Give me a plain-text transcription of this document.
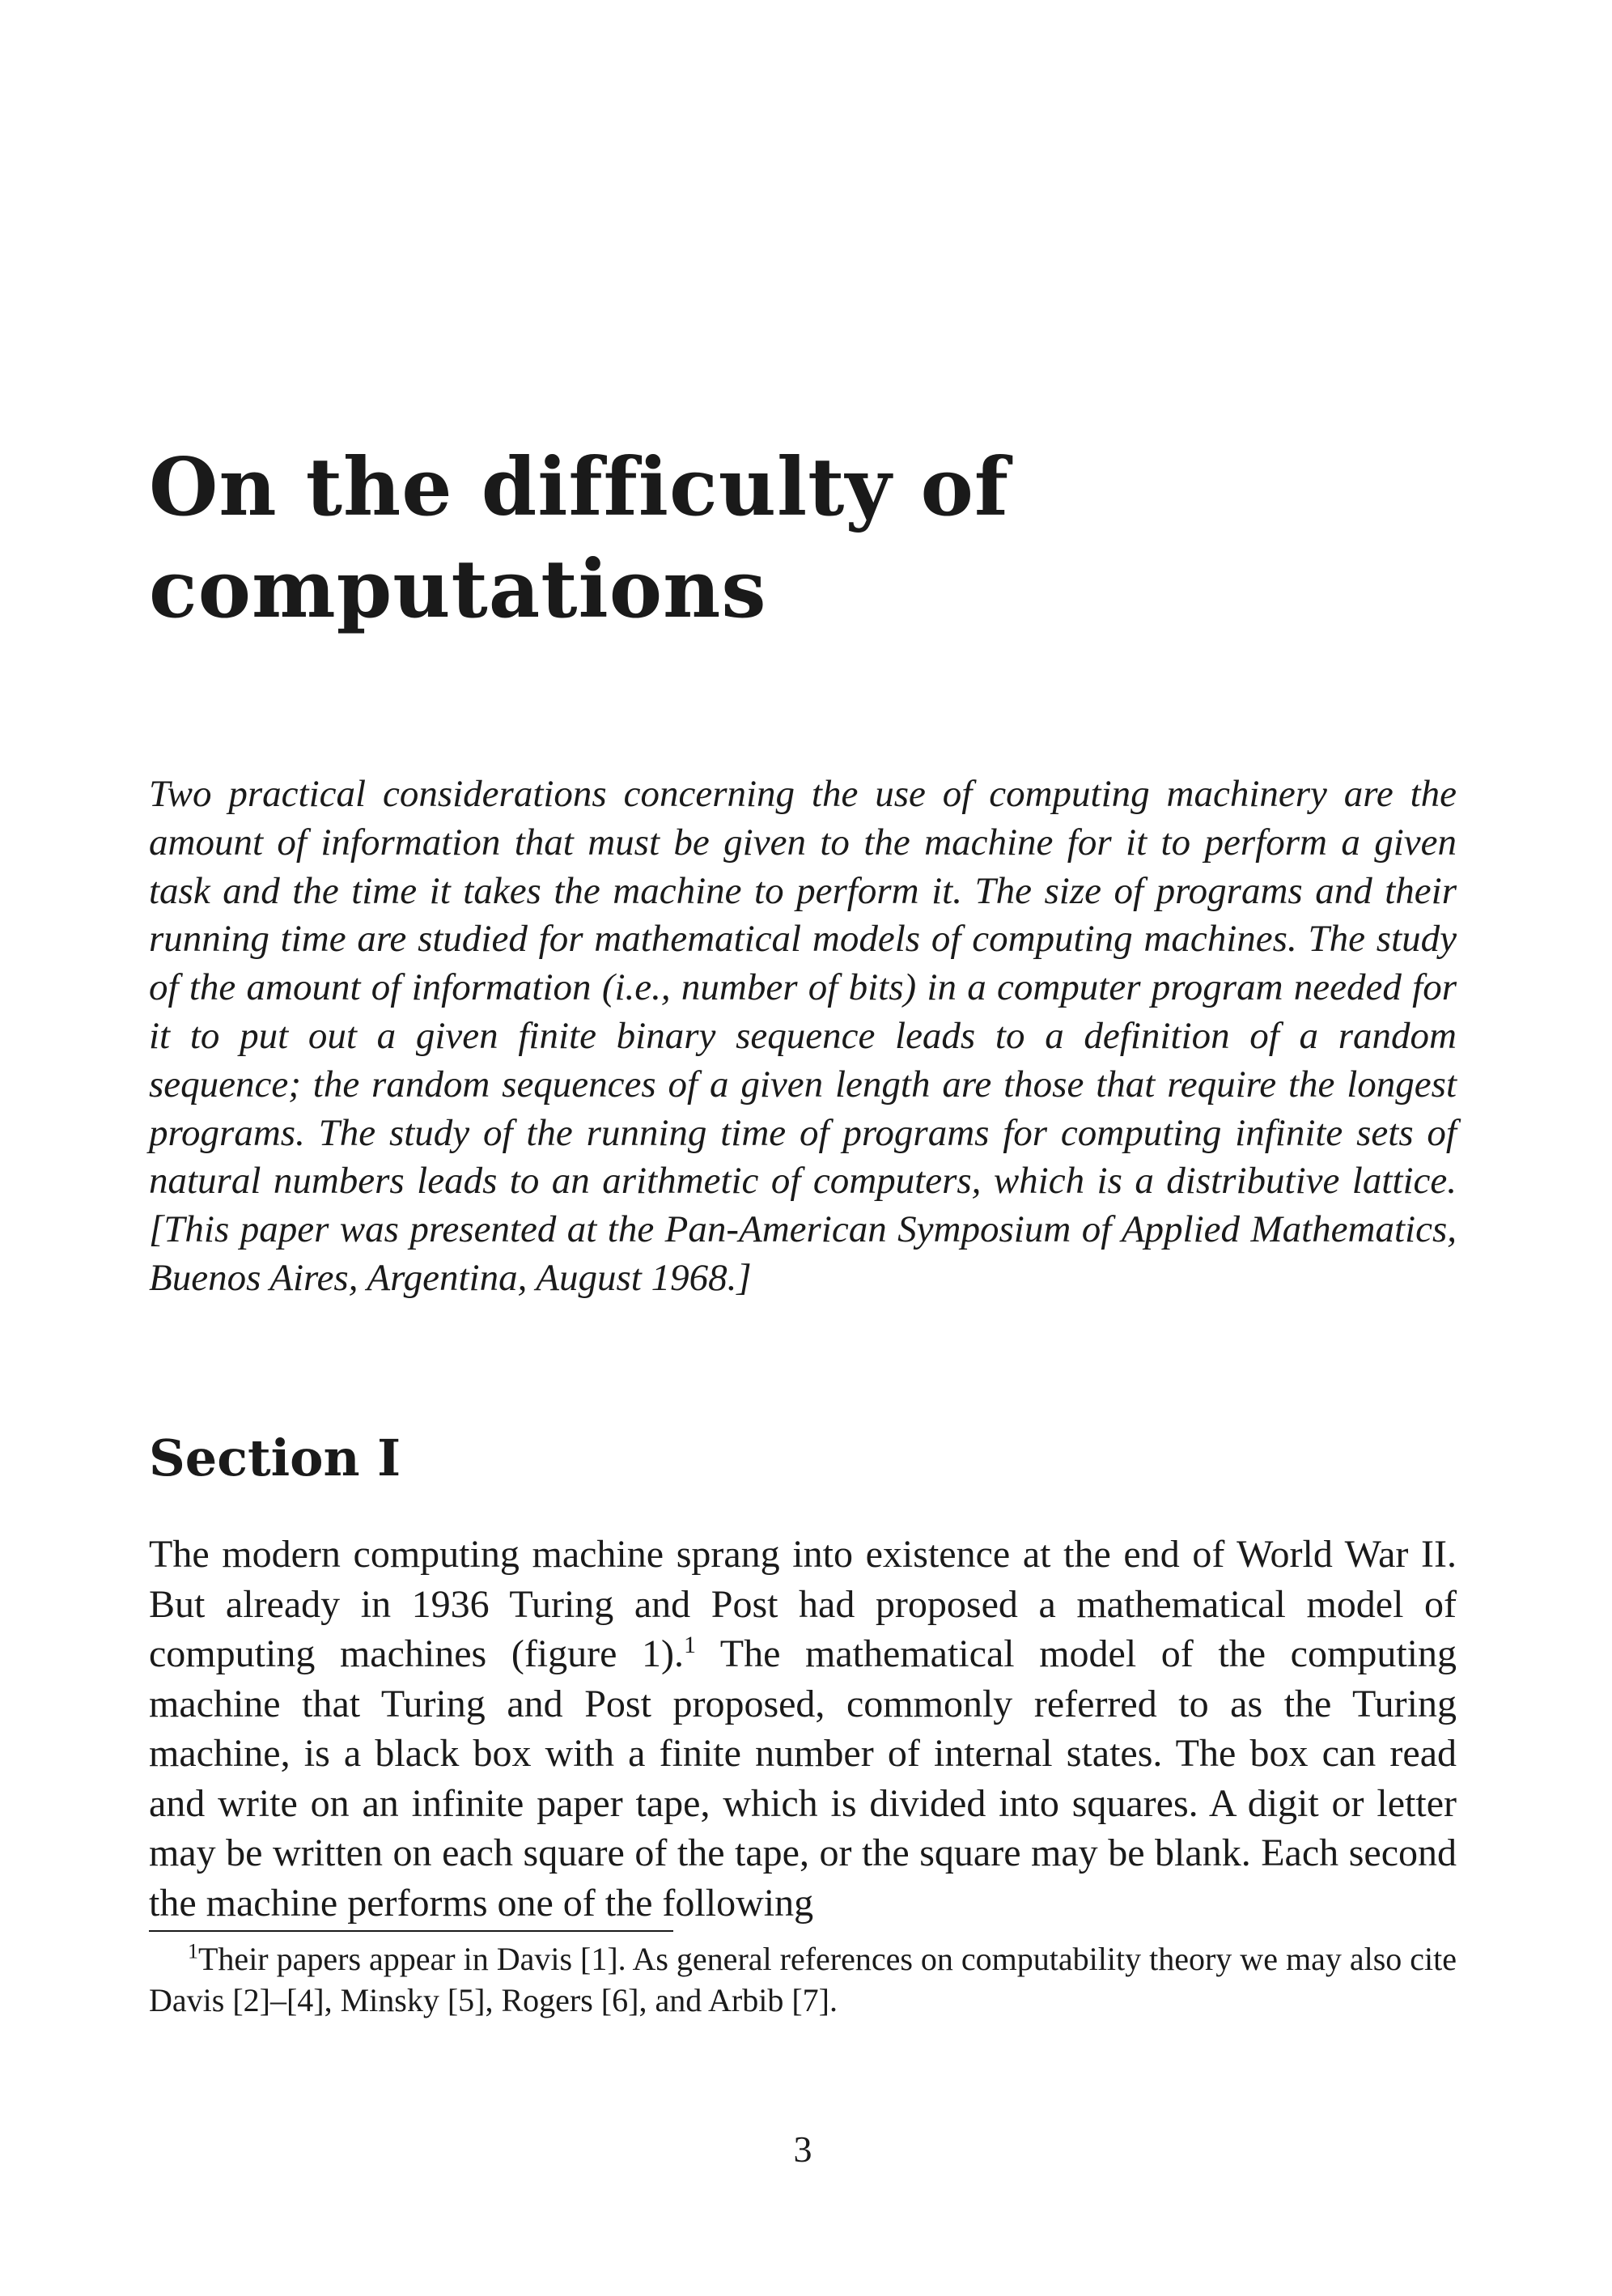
On the difficulty of
computations

Two practical considerations concerning the use of computing machinery are the amount of information that must be given to the machine for it to perform a given task and the time it takes the machine to perform it. The size of programs and their running time are studied for mathematical models of computing machines. The study of the amount of information (i.e., number of bits) in a computer program needed for it to put out a given finite binary sequence leads to a definition of a random sequence; the random sequences of a given length are those that require the longest programs. The study of the running time of programs for computing infinite sets of natural numbers leads to an arithmetic of computers, which is a distributive lattice. [This paper was presented at the Pan-American Symposium of Applied Mathematics, Buenos Aires, Argentina, August 1968.]

Section I

The modern computing machine sprang into existence at the end of World War II. But already in 1936 Turing and Post had proposed a mathematical model of computing machines (figure 1).$^1$ The mathematical model of the computing machine that Turing and Post proposed, commonly referred to as the Turing machine, is a black box with a finite number of internal states. The box can read and write on an infinite paper tape, which is divided into squares. A digit or letter may be written on each square of the tape, or the square may be blank. Each second the machine performs one of the following

$^1$Their papers appear in Davis [1]. As general references on computability theory we may also cite Davis [2]–[4], Minsky [5], Rogers [6], and Arbib [7].

3
